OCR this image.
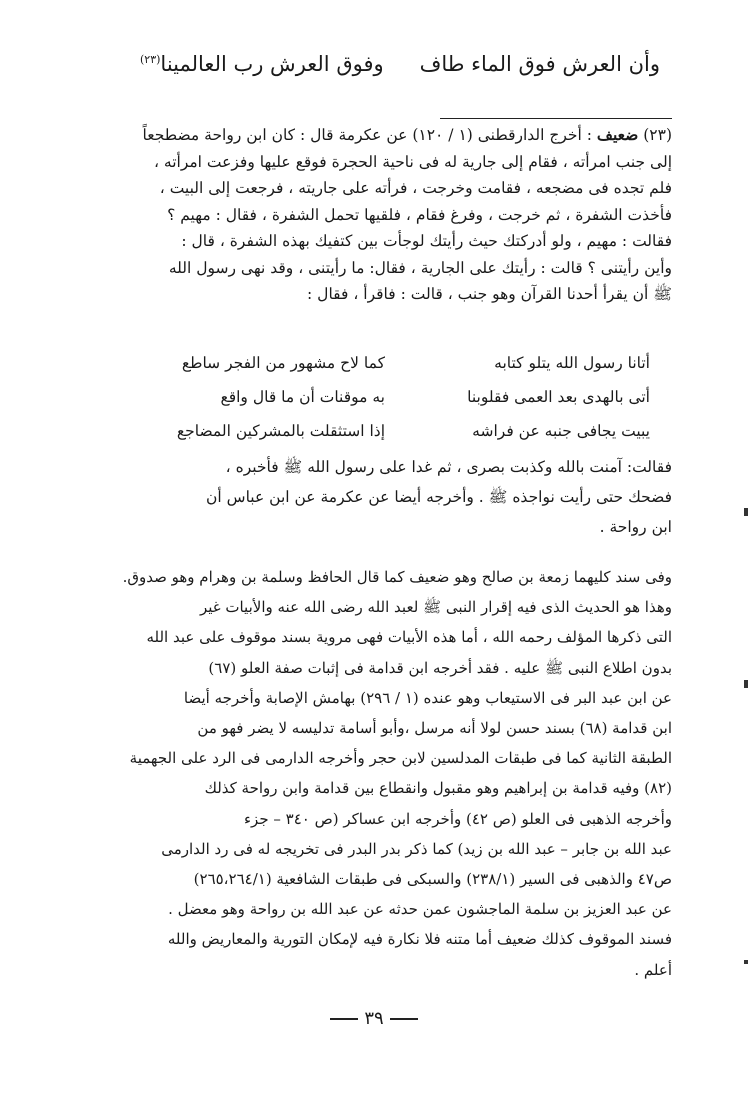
وأن العرش فوق الماء طاف
وفوق العرش رب العالمينا$^{(٢٣)}$

(٢٣) ضعيف : أخرج الدارقطنى (١ / ١٢٠) عن عكرمة قال : كان ابن رواحة مضطجعاً

إلى جنب امرأته ، فقام إلى جارية له فى ناحية الحجرة فوقع عليها وفزعت امرأته ،

فلم تجده فى مضجعه ، فقامت وخرجت ، فرأته على جاريته ، فرجعت إلى البيت ،

فأخذت الشفرة ، ثم خرجت ، وفرغ فقام ، فلقيها تحمل الشفرة ، فقال : مهيم ؟

فقالت : مهيم ، ولو أدركتك حيث رأيتك لوجأت بين كتفيك بهذه الشفرة ، قال :

وأين رأيتنى ؟ قالت : رأيتك على الجارية ، فقال: ما رأيتنى ، وقد نهى رسول الله

ﷺ أن يقرأ أحدنا القرآن وهو جنب ، قالت : فاقرأ ، فقال :

أتانا رسول الله يتلو كتابه
كما لاح مشهور من الفجر ساطع
أتى بالهدى بعد العمى فقلوبنا
به موقنات أن ما قال واقع
يبيت يجافى جنبه عن فراشه
إذا استثقلت بالمشركين المضاجع

فقالت: آمنت بالله وكذبت بصرى ، ثم غدا على رسول الله ﷺ فأخبره ،

فضحك حتى رأيت نواجذه ﷺ . وأخرجه أيضا عن عكرمة عن ابن عباس أن

ابن رواحة .

وفى سند كليهما زمعة بن صالح وهو ضعيف كما قال الحافظ وسلمة بن وهرام وهو صدوق.

وهذا هو الحديث الذى فيه إقرار النبى ﷺ لعبد الله رضى الله عنه والأبيات غير

التى ذكرها المؤلف رحمه الله ، أما هذه الأبيات فهى مروية بسند موقوف على عبد الله

بدون اطلاع النبى ﷺ عليه . فقد أخرجه ابن قدامة فى إثبات صفة العلو (٦٧)

عن ابن عبد البر فى الاستيعاب وهو عنده (١ / ٢٩٦) بهامش الإصابة وأخرجه أيضا

ابن قدامة (٦٨) بسند حسن لولا أنه مرسل ،وأبو أسامة تدليسه لا يضر فهو من

الطبقة الثانية كما فى طبقات المدلسين لابن حجر وأخرجه الدارمى فى الرد على الجهمية

(٨٢) وفيه قدامة بن إبراهيم وهو مقبول وانقطاع بين قدامة وابن رواحة كذلك

وأخرجه الذهبى فى العلو (ص ٤٢) وأخرجه ابن عساكر (ص ٣٤٠ – جزء

عبد الله بن جابر – عبد الله بن زيد) كما ذكر بدر البدر فى تخريجه له فى رد الدارمى

ص٤٧ والذهبى فى السير (٢٣٨/١) والسبكى فى طبقات الشافعية (٢٦٥،٢٦٤/١)

عن عبد العزيز بن سلمة الماجشون عمن حدثه عن عبد الله بن رواحة وهو معضل .

فسند الموقوف كذلك ضعيف أما متنه فلا نكارة فيه لإمكان التورية والمعاريض والله

أعلم .

٣٩
